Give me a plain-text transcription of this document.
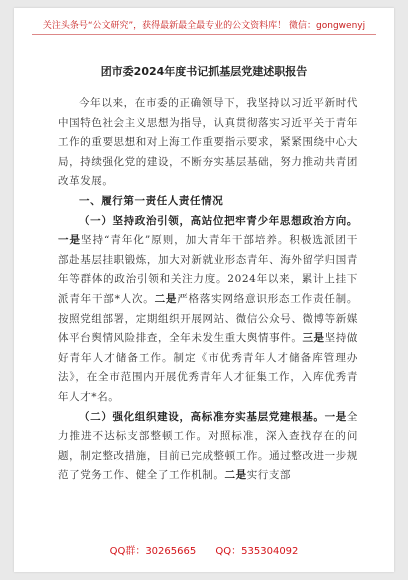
关注头条号“公文研究”，获得最新最全最专业的公文资料库！ 微信：gongwenyj
团市委2024年度书记抓基层党建述职报告

今年以来，在市委的正确领导下，我坚持以习近平新时代中国特色社会主义思想为指导，认真贯彻落实习近平关于青年工作的重要思想和对上海工作重要指示要求，紧紧围绕中心大局，持续强化党的建设，不断夯实基层基础，努力推动共青团改革发展。

一、履行第一责任人责任情况

（一）坚持政治引领，高站位把牢青少年思想政治方向。一是坚持“青年化”原则，加大青年干部培养。积极选派团干部赴基层挂职锻炼，加大对新就业形态青年、海外留学归国青年等群体的政治引领和关注力度。2024年以来，累计上挂下派青年干部*人次。二是严格落实网络意识形态工作责任制。按照党组部署，定期组织开展网站、微信公众号、微博等新媒体平台舆情风险排查，全年未发生重大舆情事件。三是坚持做好青年人才储备工作。制定《市优秀青年人才储备库管理办法》，在全市范围内开展优秀青年人才征集工作，入库优秀青年人才*名。

（二）强化组织建设，高标准夯实基层党建根基。一是全力推进不达标支部整顿工作。对照标准，深入查找存在的问题，制定整改措施，目前已完成整顿工作。通过整改进一步规范了党务工作、健全了工作机制。二是实行支部

QQ群：30265665 QQ：535304092
